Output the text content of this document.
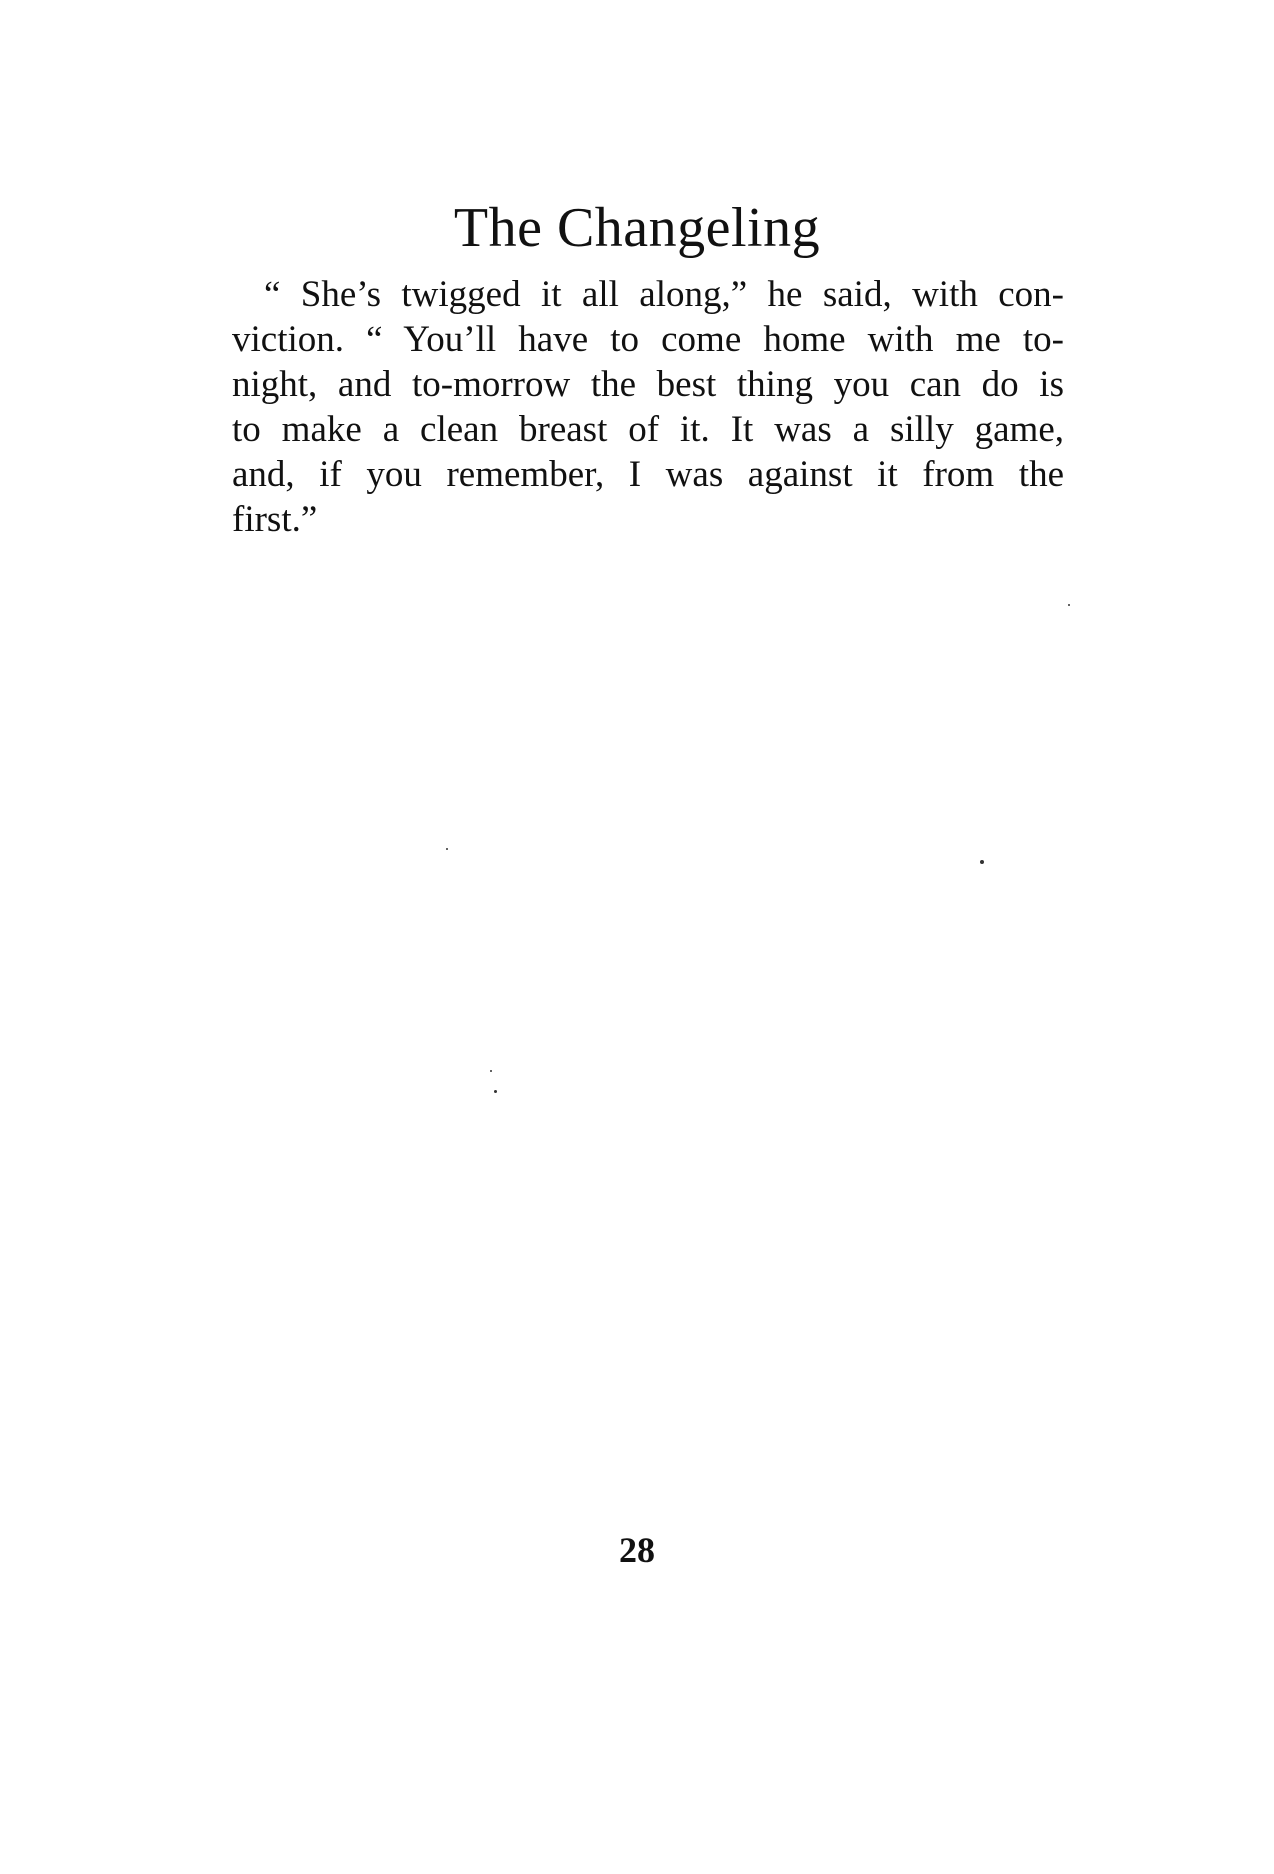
The Changeling
“ She’s twigged it all along,” he said, with con-
viction. “ You’ll have to come home with me to-
night, and to-morrow the best thing you can do is
to make a clean breast of it. It was a silly game,
and, if you remember, I was against it from the
first.”
28
